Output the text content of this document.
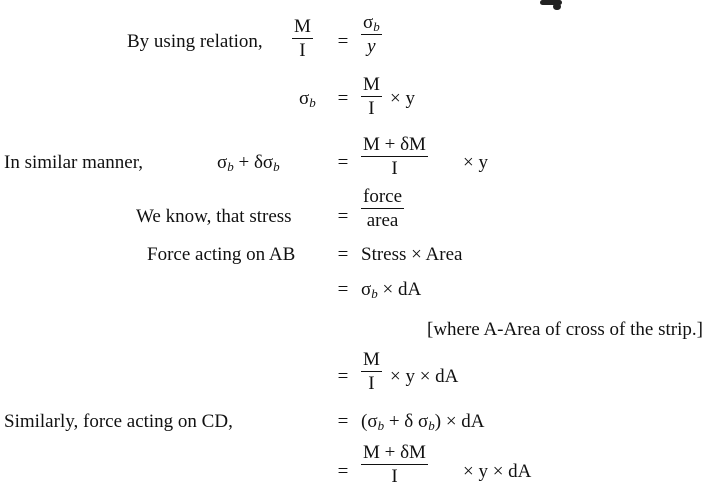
By using relation, $\frac{M}{I} = \frac{\sigma_b}{y}$
$\sigma_b = \frac{M}{I} \times y$
In similar manner,	$\sigma_b + \delta\sigma_b$	= $\frac{M + \delta M}{I} \times y$
We know, that stress =
force
area
Force acting on AB = Stress × Area
= $\sigma_b$ × dA
[where A-Area of cross of the strip.]
= $\frac{M}{I} \times y$ × dA
Similarly, force acting on CD,	= ($\sigma_b + \delta$ $\sigma_b$) × dA
= $\frac{M + \delta M}{I} \times y$ × dA
